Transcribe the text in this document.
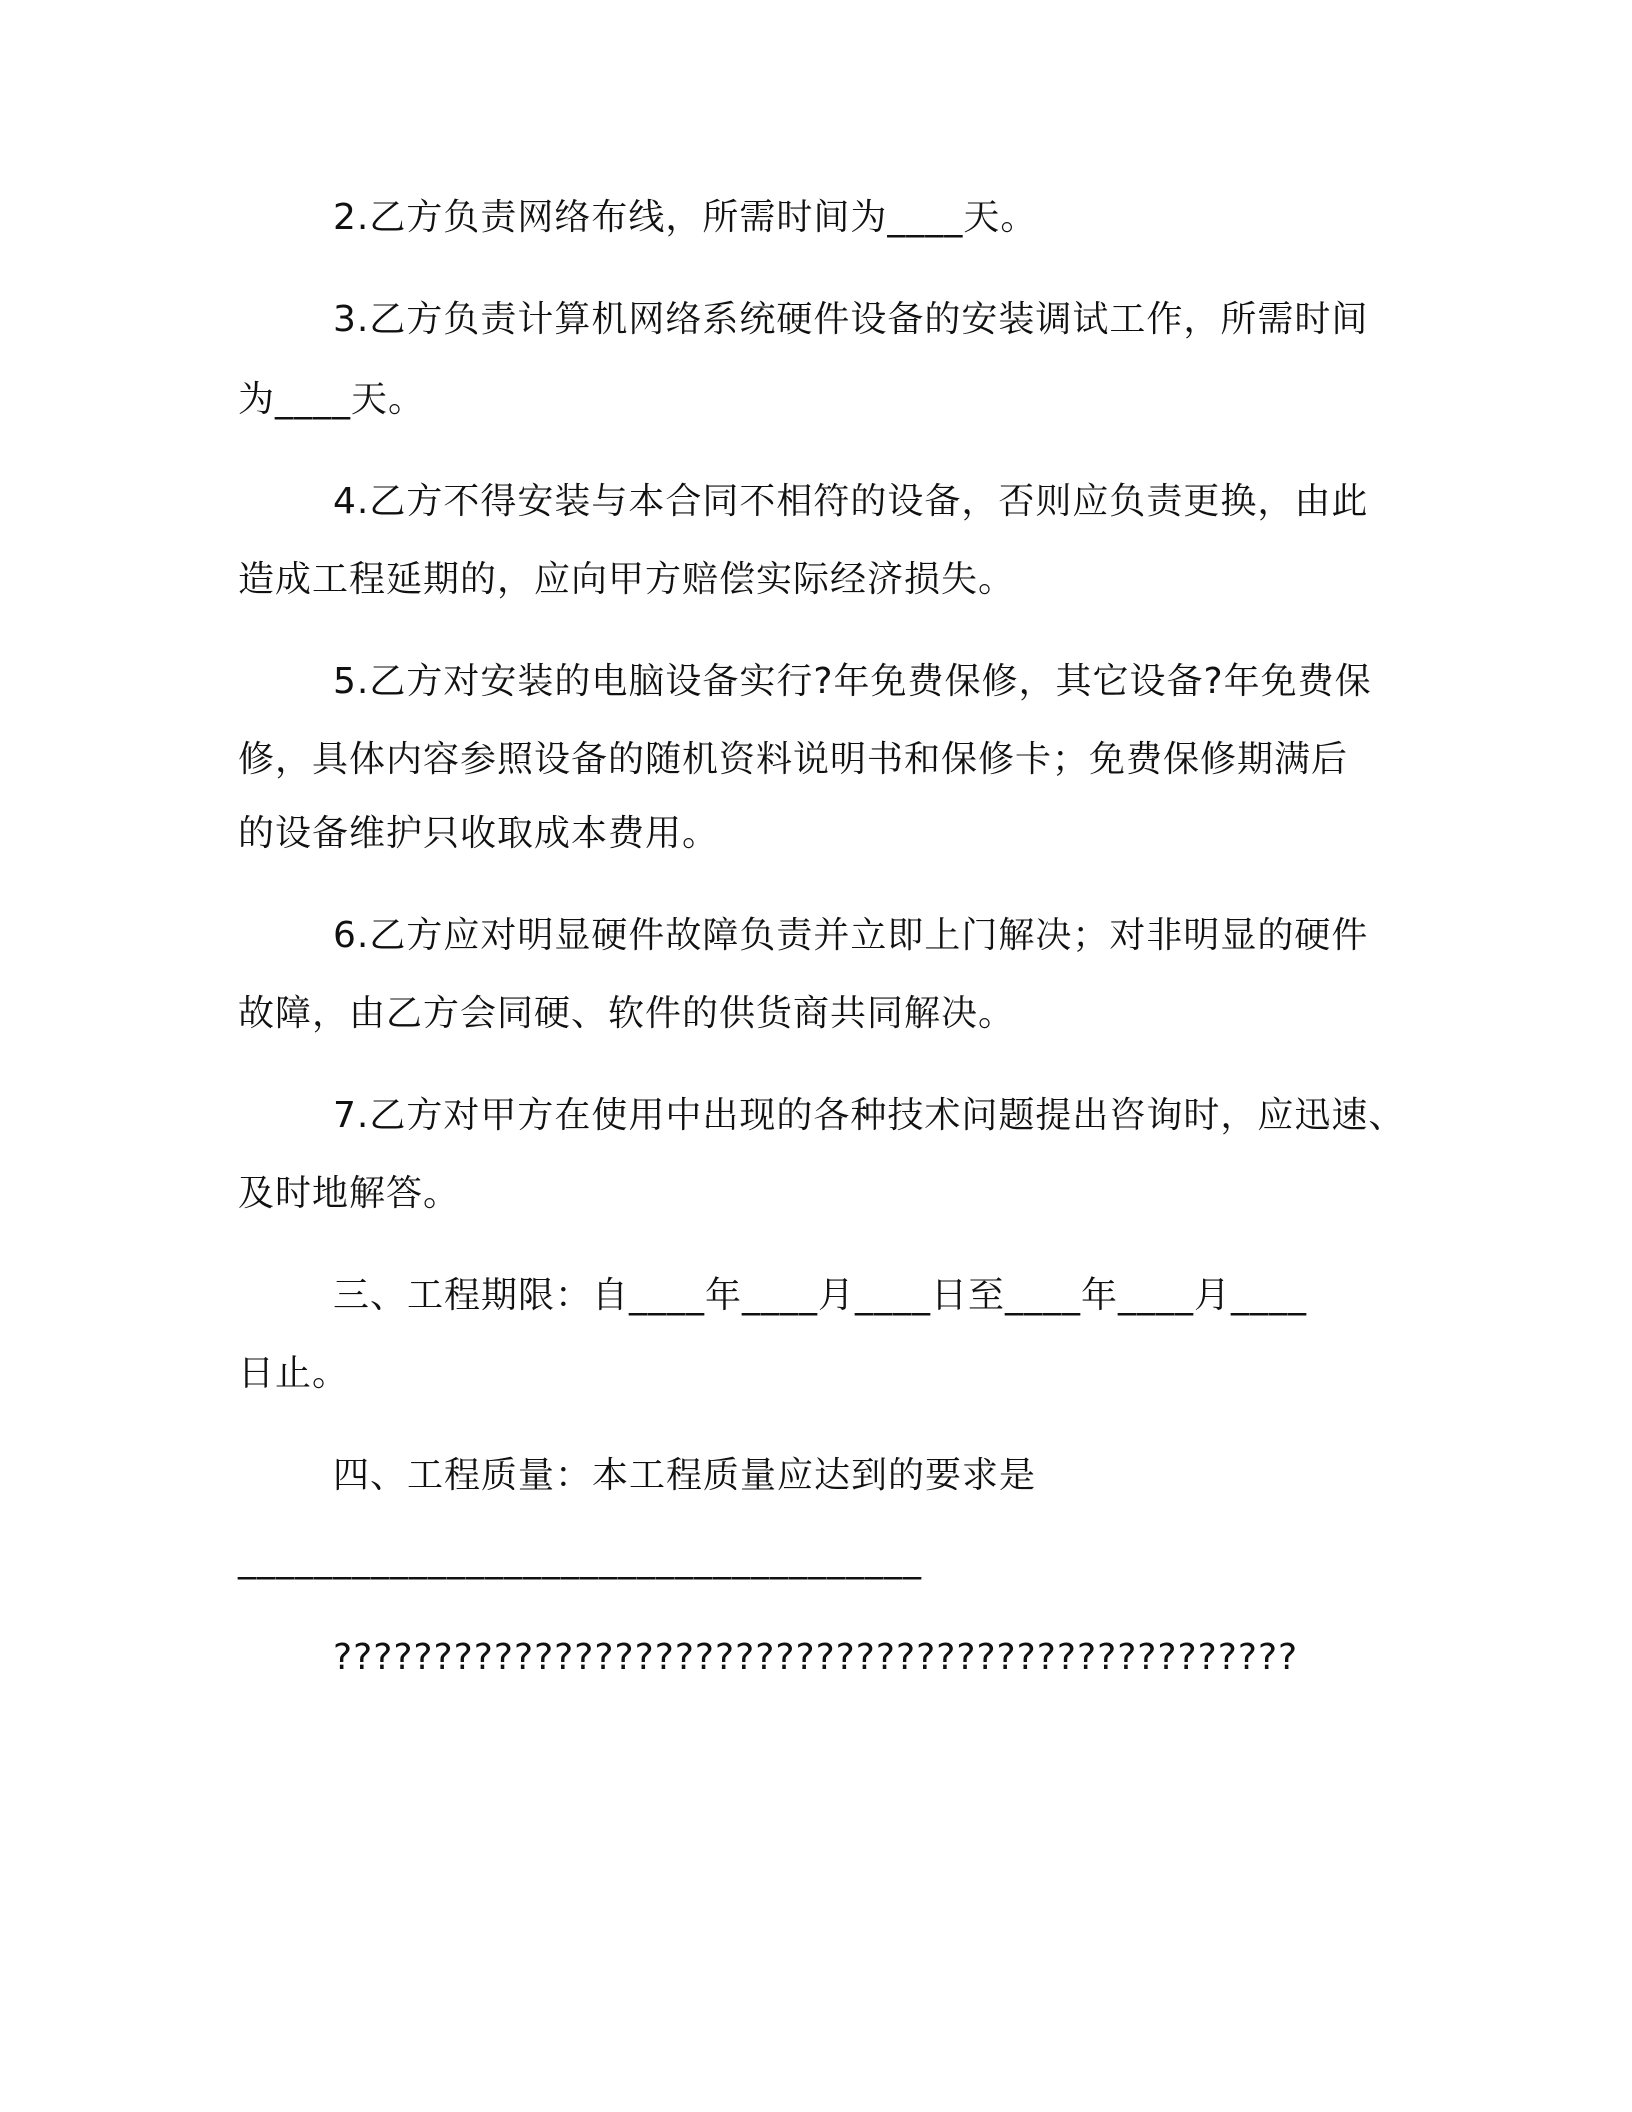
2.乙方负责网络布线，所需时间为____天。
3.乙方负责计算机网络系统硬件设备的安装调试工作，所需时间
为____天。
4.乙方不得安装与本合同不相符的设备，否则应负责更换，由此
造成工程延期的，应向甲方赔偿实际经济损失。
5.乙方对安装的电脑设备实行?年免费保修，其它设备?年免费保
修，具体内容参照设备的随机资料说明书和保修卡；免费保修期满后
的设备维护只收取成本费用。
6.乙方应对明显硬件故障负责并立即上门解决；对非明显的硬件
故障，由乙方会同硬、软件的供货商共同解决。
7.乙方对甲方在使用中出现的各种技术问题提出咨询时，应迅速、
及时地解答。
三、工程期限：自____年____月____日至____年____月____
日止。
四、工程质量：本工程质量应达到的要求是
____________________________________
????????????????????????????????????????????????
